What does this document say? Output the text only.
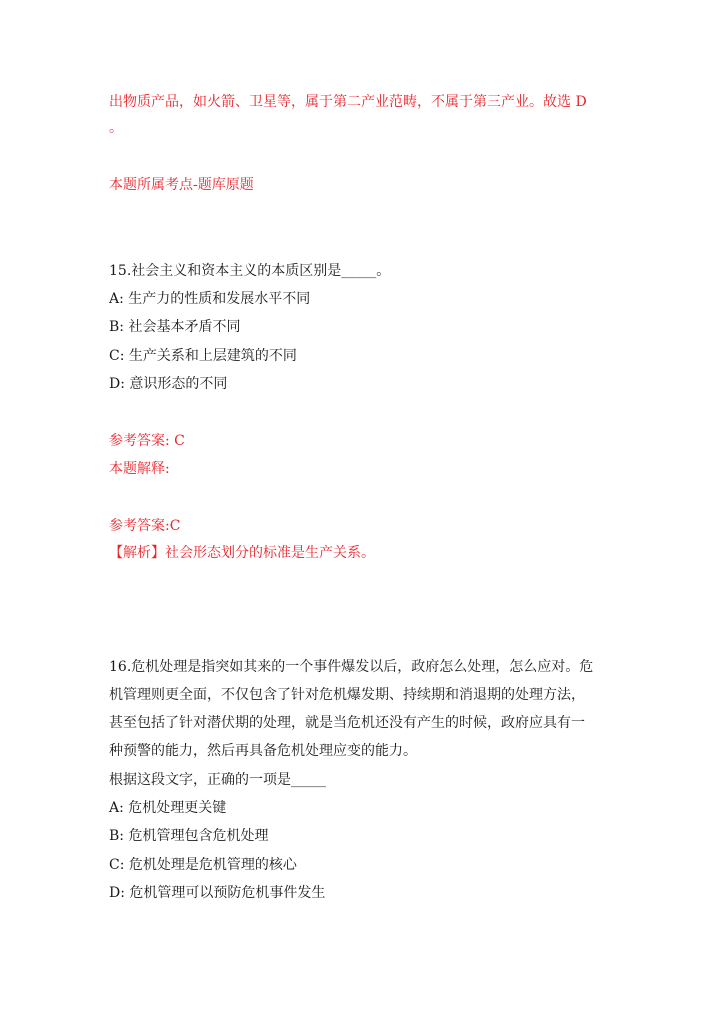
出物质产品，如火箭、卫星等，属于第二产业范畴，不属于第三产业。故选 D
。
本题所属考点-题库原题
15.社会主义和资本主义的本质区别是_____。
A: 生产力的性质和发展水平不同
B: 社会基本矛盾不同
C: 生产关系和上层建筑的不同
D: 意识形态的不同
参考答案: C
本题解释:
参考答案:C
【解析】社会形态划分的标准是生产关系。
16.危机处理是指突如其来的一个事件爆发以后，政府怎么处理，怎么应对。危
机管理则更全面，不仅包含了针对危机爆发期、持续期和消退期的处理方法，
甚至包括了针对潜伏期的处理，就是当危机还没有产生的时候，政府应具有一
种预警的能力，然后再具备危机处理应变的能力。
根据这段文字，正确的一项是_____
A: 危机处理更关键
B: 危机管理包含危机处理
C: 危机处理是危机管理的核心
D: 危机管理可以预防危机事件发生
